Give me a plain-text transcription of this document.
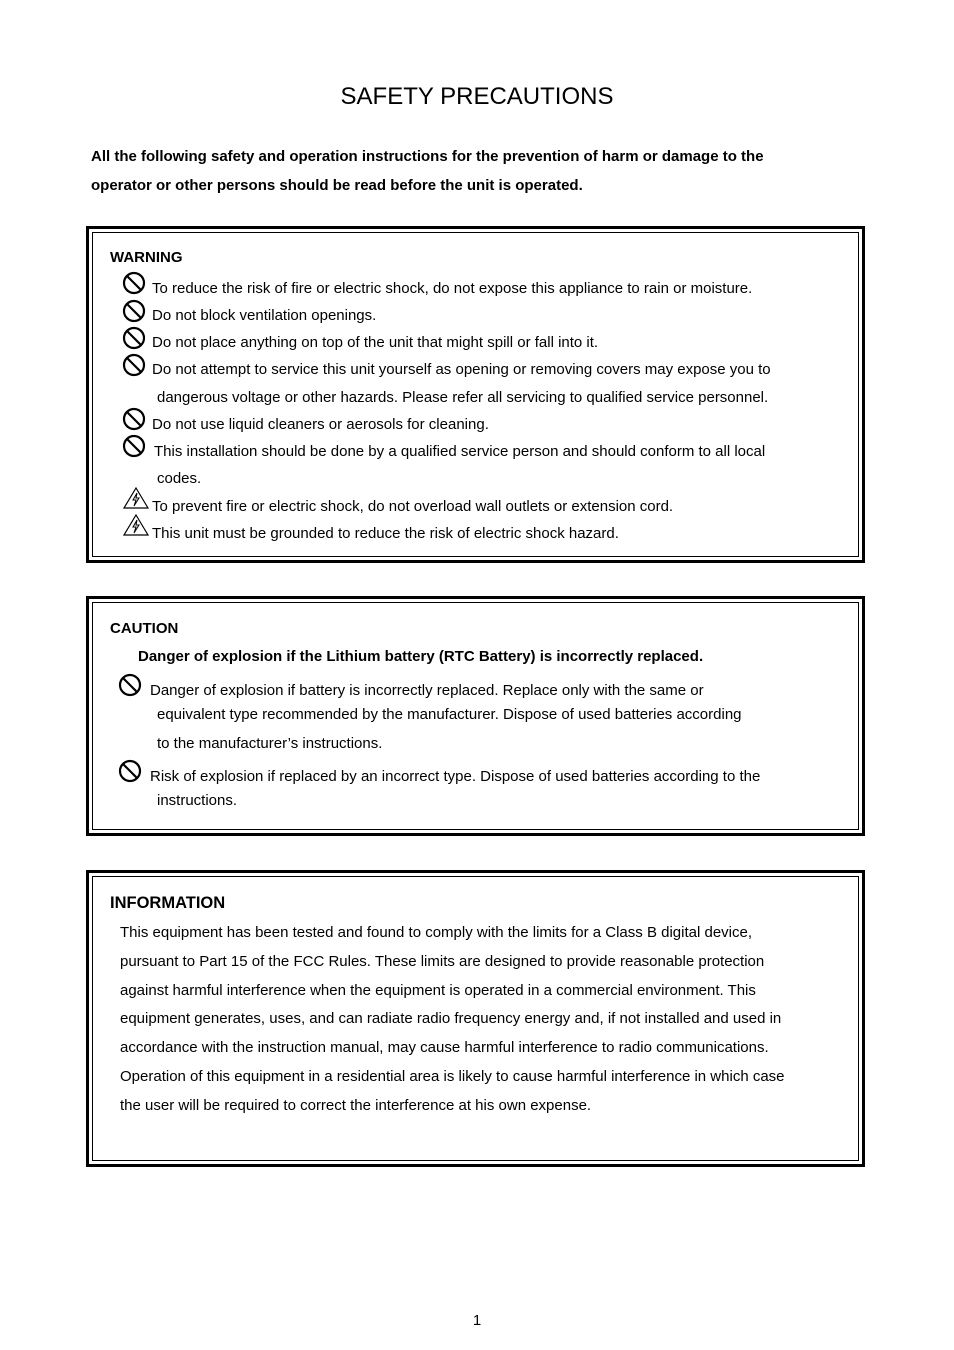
SAFETY PRECAUTIONS
All the following safety and operation instructions for the prevention of harm or damage to the
operator or other persons should be read before the unit is operated.
WARNING
To reduce the risk of fire or electric shock, do not expose this appliance to rain or moisture.
Do not block ventilation openings.
Do not place anything on top of the unit that might spill or fall into it.
Do not attempt to service this unit yourself as opening or removing covers may expose you to
dangerous voltage or other hazards. Please refer all servicing to qualified service personnel.
Do not use liquid cleaners or aerosols for cleaning.
This installation should be done by a qualified service person and should conform to all local
codes.
To prevent fire or electric shock, do not overload wall outlets or extension cord.
This unit must be grounded to reduce the risk of electric shock hazard.
CAUTION
Danger of explosion if the Lithium battery (RTC Battery) is incorrectly replaced.
Danger of explosion if battery is incorrectly replaced. Replace only with the same or
equivalent type recommended by the manufacturer. Dispose of used batteries according
to the manufacturer’s instructions.
Risk of explosion if replaced by an incorrect type. Dispose of used batteries according to the
instructions.
INFORMATION
This equipment has been tested and found to comply with the limits for a Class B digital device,
pursuant to Part 15 of the FCC Rules. These limits are designed to provide reasonable protection
against harmful interference when the equipment is operated in a commercial environment. This
equipment generates, uses, and can radiate radio frequency energy and, if not installed and used in
accordance with the instruction manual, may cause harmful interference to radio communications.
Operation of this equipment in a residential area is likely to cause harmful interference in which case
the user will be required to correct the interference at his own expense.
1
